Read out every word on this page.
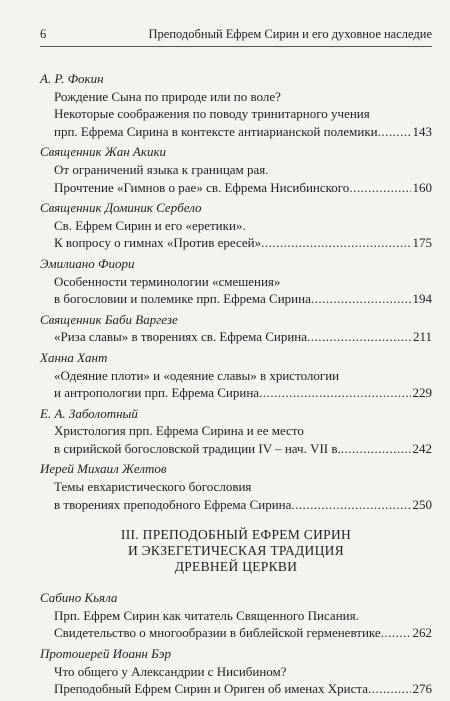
6	Преподобный Ефрем Сирин и его духовное наследие
А. Р. Фокин
Рождение Сына по природе или по воле?
Некоторые соображения по поводу тринитарного учения
прп. Ефрема Сирина в контексте антиарианской полемики .....	143
Священник Жан Акики
От ограничений языка к границам рая.
Прочтение «Гимнов о рае» св. Ефрема Нисибинского .....	160
Священник Доминик Сербело
Св. Ефрем Сирин и его «еретики».
К вопросу о гимнах «Против ересей» .....	175
Эмилиано Фиори
Особенности терминологии «смешения»
в богословии и полемике прп. Ефрема Сирина .....	194
Священник Баби Варгезе
«Риза славы» в творениях св. Ефрема Сирина .....	211
Ханна Хант
«Одеяние плоти» и «одеяние славы» в христологии
и антропологии прп. Ефрема Сирина .....	229
Е. А. Заболотный
Христология прп. Ефрема Сирина и ее место
в сирийской богословской традиции IV – нач. VII в. .....	242
Иерей Михаил Желтов
Темы евхаристического богословия
в творениях преподобного Ефрема Сирина .....	250
III. ПРЕПОДОБНЫЙ ЕФРЕМ СИРИН
И ЭКЗЕГЕТИЧЕСКАЯ ТРАДИЦИЯ
ДРЕВНЕЙ ЦЕРКВИ
Сабино Кьяла
Прп. Ефрем Сирин как читатель Священного Писания.
Свидетельство о многообразии в библейской герменевтике ..... 262
Протоиерей Иоанн Бэр
Что общего у Александрии с Нисибином?
Преподобный Ефрем Сирин и Ориген об именах Христа .....	276
